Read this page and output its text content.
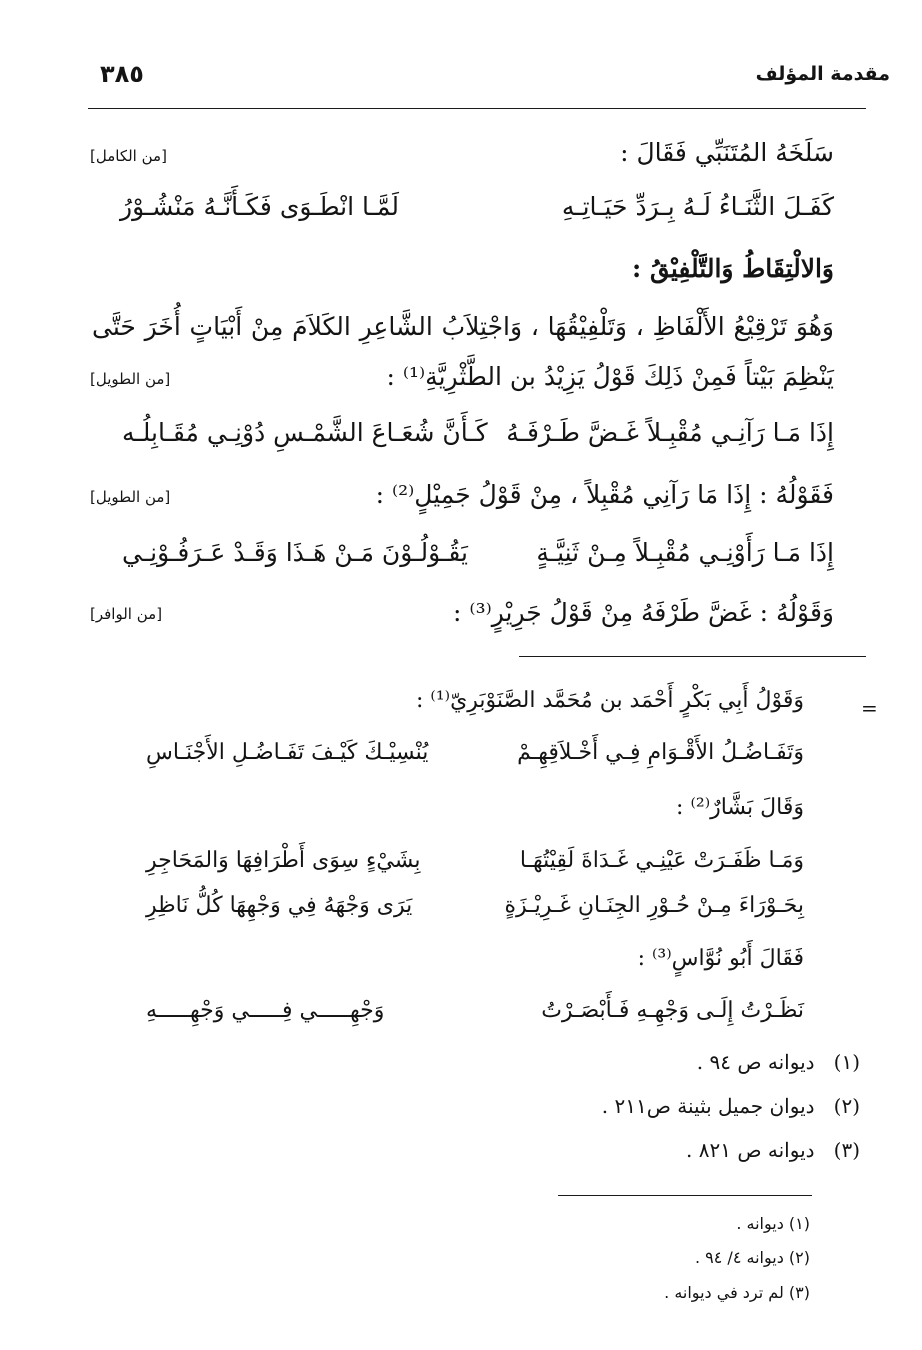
مقدمة المؤلف
٣٨٥
سَلَخَهُ المُتَنَبِّي فَقَالَ :
[من الكامل]
كَفَـلَ الثَّنَـاءُ لَـهُ بِـرَدِّ حَيَـاتِـهِ
لَمَّـا انْطَـوَى فَكَـأَنَّـهُ مَنْشُـوْرُ
وَالالْتِقَاطُ وَالتَّلْفِيْقُ :
وَهُوَ تَرْقِيْعُ الأَلْفَاظِ ، وَتَلْفِيْقُهَا ، وَاجْتِلاَبُ الشَّاعِرِ الكَلاَمَ مِنْ أَبْيَاتٍ أُخَرَ حَتَّى
يَنْظِمَ بَيْتاً فَمِنْ ذَلِكَ قَوْلُ يَزِيْدُ بن الطَّثْرِيَّةِ⁽¹⁾ :
[من الطويل]
إِذَا مَـا رَآنِـي مُقْبِـلاً غَـضَّ طَـرْفَـهُ
كَـأَنَّ شُعَـاعَ الشَّمْـسِ دُوْنِـي مُقَـابِلُـه
فَقَوْلُهُ : إِذَا مَا رَآنِي مُقْبِلاً ، مِنْ قَوْلُ جَمِيْلٍ⁽²⁾ :
[من الطويل]
إِذَا مَـا رَأَوْنِـي مُقْبِـلاً مِـنْ ثَنِيَّـةٍ
يَقُـوْلُـوْنَ مَـنْ هَـذَا وَقَـدْ عَـرَفُـوْنِـي
وَقَوْلُهُ : غَضَّ طَرْفَهُ مِنْ قَوْلُ جَرِيْرٍ⁽³⁾ :
[من الوافر]
=
وَقَوْلُ أَبِي بَكْرٍ أَحْمَد بن مُحَمَّد الصَّنَوْبَرِيّ⁽¹⁾ :
وَتَفَـاضُـلُ الأَقْـوَامِ فِـي أَخْـلاَقِهِـمْ
يُنْسِيْـكَ كَيْـفَ تَفَـاضُـلِ الأَجْنَـاسِ
وَقَالَ بَشَّارٌ⁽²⁾ :
وَمَـا ظَفَـرَتْ عَيْنِـي غَـدَاةَ لَقِيْتُهَـا
بِشَيْءٍ سِوَى أَطْرَافِهَا وَالمَحَاجِرِ
بِحَـوْرَاءَ مِـنْ حُـوْرِ الجِنَـانِ غَـرِيْـزَةٍ
يَرَى وَجْهَهُ فِي وَجْهِهَا كُلُّ نَاظِرِ
فَقَالَ أَبُو نُوَّاسٍ⁽³⁾ :
نَظَـرْتُ إِلَـى وَجْهِـهِ فَـأَبْصَـرْتُ
وَجْهِـــــي فِـــــي وَجْهِـــــهِ
(١)   ديوانه ص ٩٤ .
(٢)   ديوان جميل بثينة ص٢١١ .
(٣)   ديوانه ص ٨٢١ .
(١) ديوانه .
(٢) ديوانه ٤/ ٩٤ .
(٣) لم ترد في ديوانه .
